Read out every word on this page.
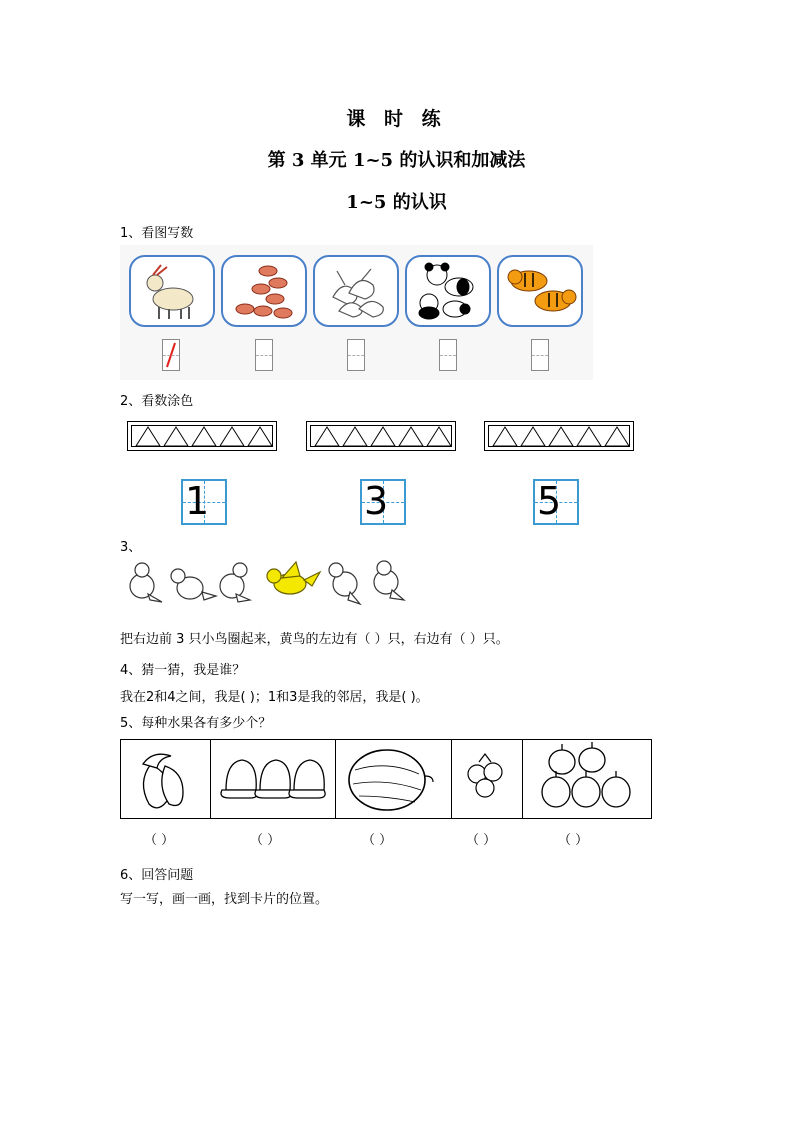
课 时 练
第 3 单元 1~5 的认识和加减法
1~5 的认识
1、看图写数
2、看数涂色
1	3	5
3、
把右边前 3 只小鸟圈起来，黄鸟的左边有（ ）只，右边有（ ）只。
4、猜一猜，我是谁？
我在2和4之间，我是( )；1和3是我的邻居，我是( )。
5、每种水果各有多少个？
（ ）	（ ）	（ ）	（ ）	（ ）
6、回答问题
写一写，画一画，找到卡片的位置。
